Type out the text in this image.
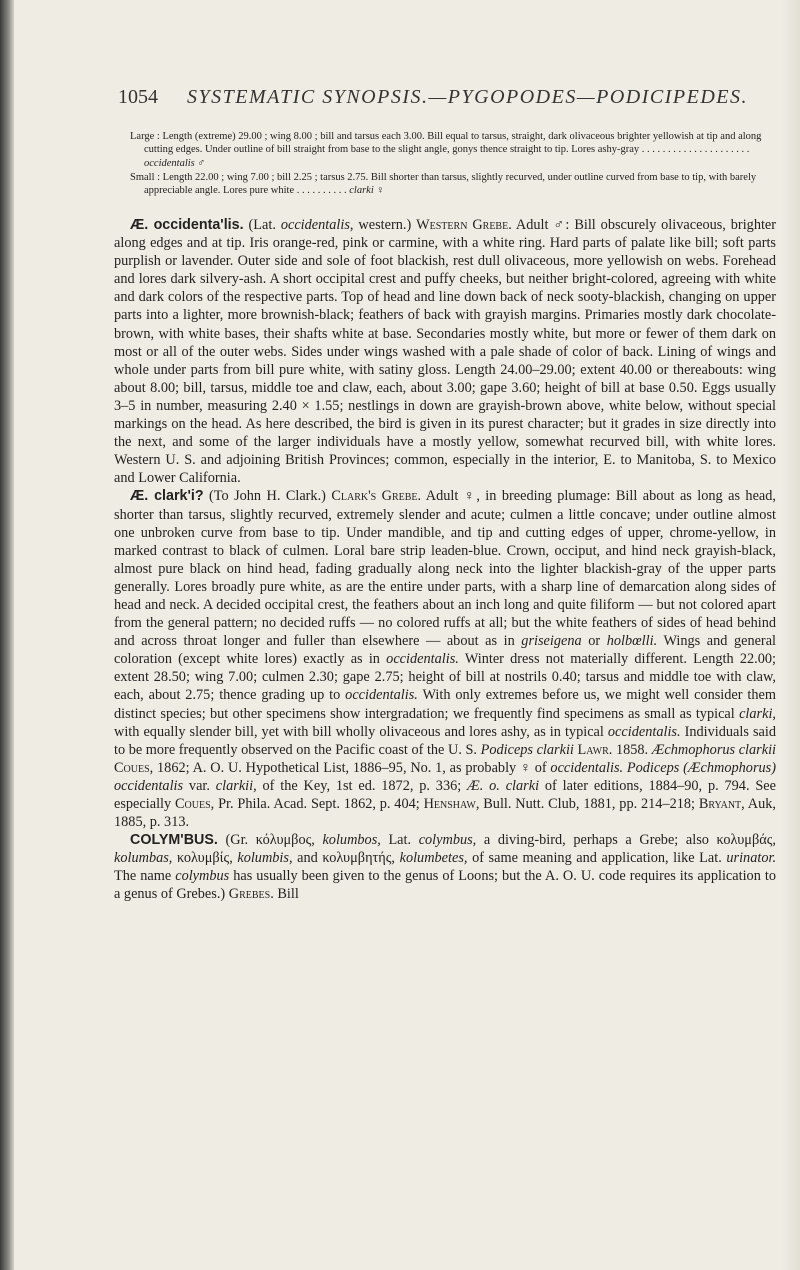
1054 SYSTEMATIC SYNOPSIS.—PYGOPODES—PODICIPEDES.

Large : Length (extreme) 29.00 ; wing 8.00 ; bill and tarsus each 3.00. Bill equal to tarsus, straight, dark olivaceous brighter yellowish at tip and along cutting edges. Under outline of bill straight from base to the slight angle, gonys thence straight to tip. Lores ashy-gray . . . . . . . . . . . . . . . . . . . . . occidentalis ♂

Small : Length 22.00 ; wing 7.00 ; bill 2.25 ; tarsus 2.75. Bill shorter than tarsus, slightly recurved, under outline curved from base to tip, with barely appreciable angle. Lores pure white . . . . . . . . . . clarki ♀

Æ. occidenta'lis. (Lat. occidentalis, western.) Western Grebe. Adult ♂: Bill obscurely olivaceous, brighter along edges and at tip. Iris orange-red, pink or carmine, with a white ring. Hard parts of palate like bill; soft parts purplish or lavender. Outer side and sole of foot blackish, rest dull olivaceous, more yellowish on webs. Forehead and lores dark silvery-ash. A short occipital crest and puffy cheeks, but neither bright-colored, agreeing with white and dark colors of the respective parts. Top of head and line down back of neck sooty-blackish, changing on upper parts into a lighter, more brownish-black; feathers of back with grayish margins. Primaries mostly dark chocolate-brown, with white bases, their shafts white at base. Secondaries mostly white, but more or fewer of them dark on most or all of the outer webs. Sides under wings washed with a pale shade of color of back. Lining of wings and whole under parts from bill pure white, with satiny gloss. Length 24.00–29.00; extent 40.00 or thereabouts: wing about 8.00; bill, tarsus, middle toe and claw, each, about 3.00; gape 3.60; height of bill at base 0.50. Eggs usually 3–5 in number, measuring 2.40 × 1.55; nestlings in down are grayish-brown above, white below, without special markings on the head. As here described, the bird is given in its purest character; but it grades in size directly into the next, and some of the larger individuals have a mostly yellow, somewhat recurved bill, with white lores. Western U. S. and adjoining British Provinces; common, especially in the interior, E. to Manitoba, S. to Mexico and Lower California.

Æ. clark'i? (To John H. Clark.) Clark's Grebe. Adult ♀, in breeding plumage: Bill about as long as head, shorter than tarsus, slightly recurved, extremely slender and acute; culmen a little concave; under outline almost one unbroken curve from base to tip. Under mandible, and tip and cutting edges of upper, chrome-yellow, in marked contrast to black of culmen. Loral bare strip leaden-blue. Crown, occiput, and hind neck grayish-black, almost pure black on hind head, fading gradually along neck into the lighter blackish-gray of the upper parts generally. Lores broadly pure white, as are the entire under parts, with a sharp line of demarcation along sides of head and neck. A decided occipital crest, the feathers about an inch long and quite filiform — but not colored apart from the general pattern; no decided ruffs — no colored ruffs at all; but the white feathers of sides of head behind and across throat longer and fuller than elsewhere — about as in griseigena or holbœlli. Wings and general coloration (except white lores) exactly as in occidentalis. Winter dress not materially different. Length 22.00; extent 28.50; wing 7.00; culmen 2.30; gape 2.75; height of bill at nostrils 0.40; tarsus and middle toe with claw, each, about 2.75; thence grading up to occidentalis. With only extremes before us, we might well consider them distinct species; but other specimens show intergradation; we frequently find specimens as small as typical clarki, with equally slender bill, yet with bill wholly olivaceous and lores ashy, as in typical occidentalis. Individuals said to be more frequently observed on the Pacific coast of the U. S. Podiceps clarkii Lawr. 1858. Æchmophorus clarkii Coues, 1862; A. O. U. Hypothetical List, 1886–95, No. 1, as probably ♀ of occidentalis. Podiceps (Æchmophorus) occidentalis var. clarkii, of the Key, 1st ed. 1872, p. 336; Æ. o. clarki of later editions, 1884–90, p. 794. See especially Coues, Pr. Phila. Acad. Sept. 1862, p. 404; Henshaw, Bull. Nutt. Club, 1881, pp. 214–218; Bryant, Auk, 1885, p. 313.

COLYM'BUS. (Gr. κόλυμβος, kolumbos, Lat. colymbus, a diving-bird, perhaps a Grebe; also κολυμβάς, kolumbas, κολυμβίς, kolumbis, and κολυμβητής, kolumbetes, of same meaning and application, like Lat. urinator. The name colymbus has usually been given to the genus of Loons; but the A. O. U. code requires its application to a genus of Grebes.) Grebes. Bill
